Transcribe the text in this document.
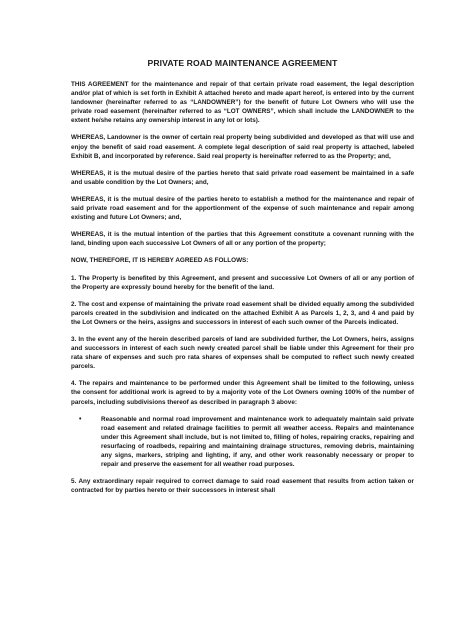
PRIVATE ROAD MAINTENANCE AGREEMENT

THIS AGREEMENT for the maintenance and repair of that certain private road easement, the legal description and/or plat of which is set forth in Exhibit A attached hereto and made apart hereof, is entered into by the current landowner (hereinafter referred to as “LANDOWNER”) for the benefit of future Lot Owners who will use the private road easement (hereinafter referred to as “LOT OWNERS”, which shall include the LANDOWNER to the extent he/she retains any ownership interest in any lot or lots).

WHEREAS, Landowner is the owner of certain real property being subdivided and developed as that will use and enjoy the benefit of said road easement. A complete legal description of said real property is attached, labeled Exhibit B, and incorporated by reference. Said real property is hereinafter referred to as the Property; and,

WHEREAS, it is the mutual desire of the parties hereto that said private road easement be maintained in a safe and usable condition by the Lot Owners; and,

WHEREAS, it is the mutual desire of the parties hereto to establish a method for the maintenance and repair of said private road easement and for the apportionment of the expense of such maintenance and repair among existing and future Lot Owners; and,

WHEREAS, it is the mutual intention of the parties that this Agreement constitute a covenant running with the land, binding upon each successive Lot Owners of all or any portion of the property;

NOW, THEREFORE, IT IS HEREBY AGREED AS FOLLOWS:

1. The Property is benefited by this Agreement, and present and successive Lot Owners of all or any portion of the Property are expressly bound hereby for the benefit of the land.

2. The cost and expense of maintaining the private road easement shall be divided equally among the subdivided parcels created in the subdivision and indicated on the attached Exhibit A as Parcels 1, 2, 3, and 4 and paid by the Lot Owners or the heirs, assigns and successors in interest of each such owner of the Parcels indicated.

3. In the event any of the herein described parcels of land are subdivided further, the Lot Owners, heirs, assigns and successors in interest of each such newly created parcel shall be liable under this Agreement for their pro rata share of expenses and such pro rata shares of expenses shall be computed to reflect such newly created parcels.

4. The repairs and maintenance to be performed under this Agreement shall be limited to the following, unless the consent for additional work is agreed to by a majority vote of the Lot Owners owning 100% of the number of parcels, including subdivisions thereof as described in paragraph 3 above:

•	Reasonable and normal road improvement and maintenance work to adequately maintain said private road easement and related drainage facilities to permit all weather access. Repairs and maintenance under this Agreement shall include, but is not limited to, filling of holes, repairing cracks, repairing and resurfacing of roadbeds, repairing and maintaining drainage structures, removing debris, maintaining any signs, markers, striping and lighting, if any, and other work reasonably necessary or proper to repair and preserve the easement for all weather road purposes.

5. Any extraordinary repair required to correct damage to said road easement that results from action taken or contracted for by parties hereto or their successors in interest shall
